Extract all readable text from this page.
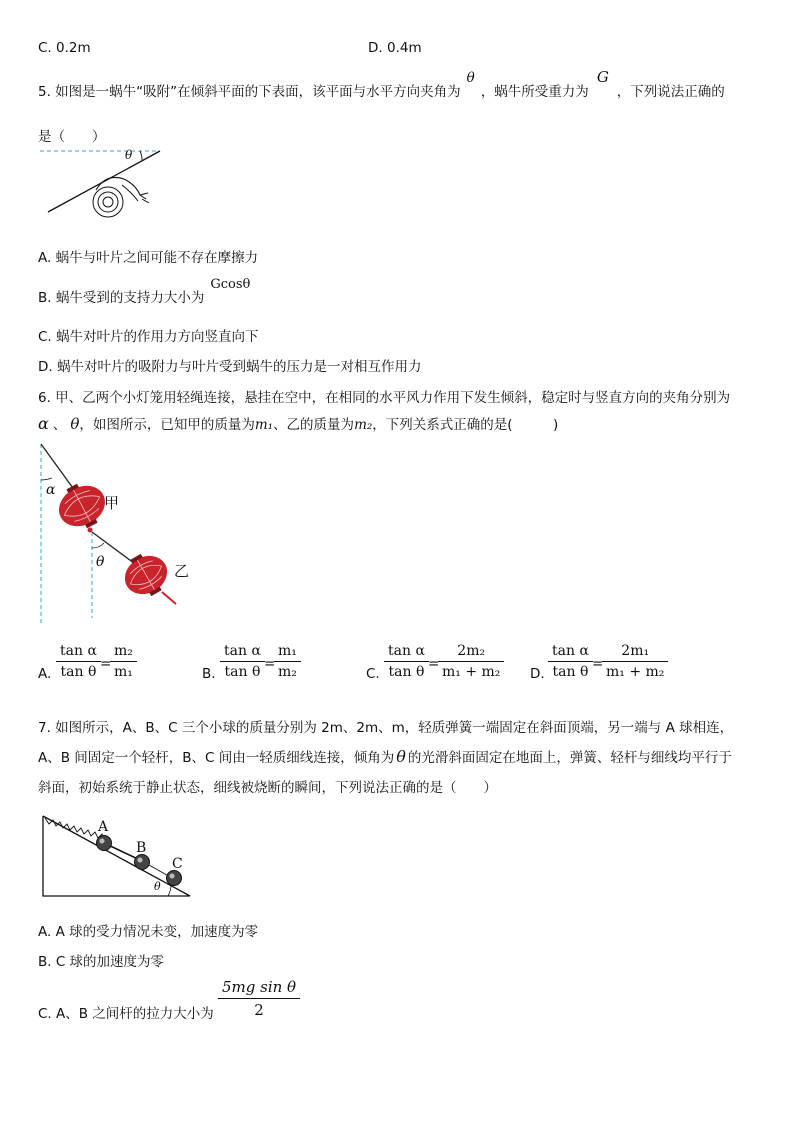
C. 0.2m	D. 0.4m
5. 如图是一蜗牛“吸附”在倾斜平面的下表面，该平面与水平方向夹角为θ，蜗牛所受重力为G，下列说法正确的
是（　　）
θ
A. 蜗牛与叶片之间可能不存在摩擦力
B. 蜗牛受到的支持力大小为Gcosθ
C. 蜗牛对叶片的作用力方向竖直向下
D. 蜗牛对叶片的吸附力与叶片受到蜗牛的压力是一对相互作用力
6. 甲、乙两个小灯笼用轻绳连接，悬挂在空中，在相同的水平风力作用下发生倾斜，稳定时与竖直方向的夹角分别为
α 、 θ，如图所示，已知甲的质量为m₁、乙的质量为m₂，下列关系式正确的是(　　　)
α
甲
θ	乙
A. $\frac{\text{tan α}}{\text{tan θ}}$ =
$\frac{\text{m₂}}{\text{m₁}}$	B. $\frac{\text{tan α}}{\text{tan θ}}$ =
$\frac{\text{m₁}}{\text{m₂}}$	C. $\frac{\text{tan α}}{\text{tan θ}}$ =
$\frac{\text{2m₂}}{\text{m₁ + m₂}} D$. $\frac{\text{tan α}}{\text{tan θ}}$ =
$\frac{\text{2m₁}}{\text{m₁ + m₂}}$
7. 如图所示，A、B、C 三个小球的质量分别为 2m、2m、m，轻质弹簧一端固定在斜面顶端，另一端与 A 球相连，
A、B 间固定一个轻杆，B、C 间由一轻质细线连接，倾角为 θ 的光滑斜面固定在地面上，弹簧、轻杆与细线均平行于
斜面，初始系统于静止状态，细线被烧断的瞬间，下列说法正确的是（　　）
A
B
C
θ
A. A 球的受力情况未变，加速度为零
B. C 球的加速度为零
C. A、B 之间杆的拉力大小为 $\frac{\text{5mg sin θ}}{2}$
